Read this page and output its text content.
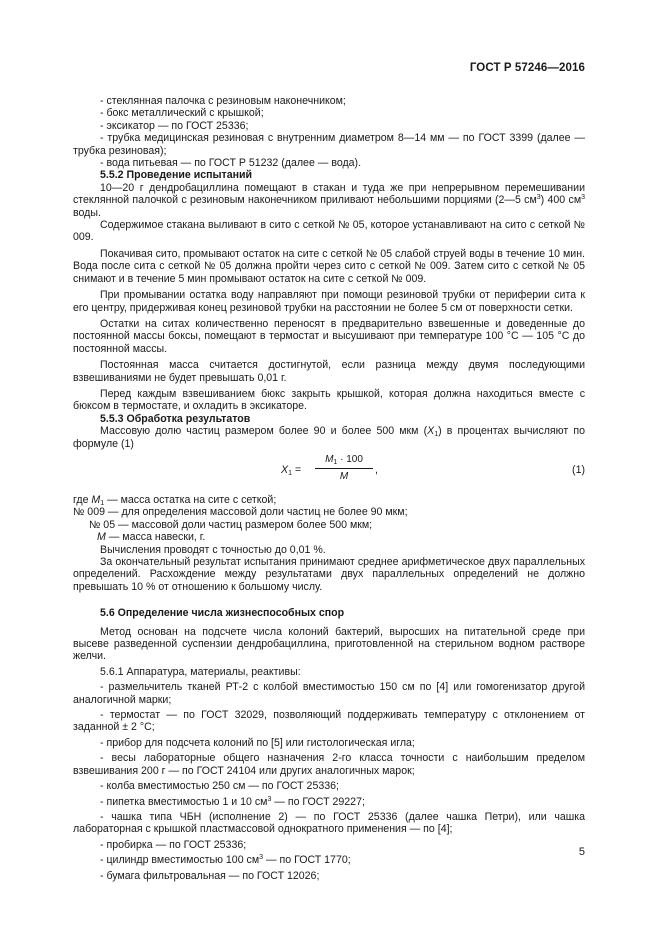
ГОСТ Р 57246—2016

- стеклянная палочка с резиновым наконечником;

- бокс металлический с крышкой;

- эксикатор — по ГОСТ 25336;

- трубка медицинская резиновая с внутренним диаметром 8—14 мм — по ГОСТ 3399 (далее — трубка резиновая);

- вода питьевая — по ГОСТ Р 51232 (далее — вода).

5.5.2 Проведение испытаний

10—20 г дендробациллина помещают в стакан и туда же при непрерывном перемешивании стеклянной палочкой с резиновым наконечником приливают небольшими порциями (2—5 $см^3$) 400 $см^3$ воды.

Содержимое стакана выливают в сито с сеткой № 05, которое устанавливают на сито с сеткой № 009.

Покачивая сито, промывают остаток на сите с сеткой № 05 слабой струей воды в течение 10 мин. Вода после сита с сеткой № 05 должна пройти через сито с сеткой № 009. Затем сито с сеткой № 05 снимают и в течение 5 мин промывают остаток на сите с сеткой № 009.

При промывании остатка воду направляют при помощи резиновой трубки от периферии сита к его центру, придерживая конец резиновой трубки на расстоянии не более 5 см от поверхности сетки.

Остатки на ситах количественно переносят в предварительно взвешенные и доведенные до постоянной массы боксы, помещают в термостат и высушивают при температуре 100 °С — 105 °С до постоянной массы.

Постоянная масса считается достигнутой, если разница между двумя последующими взвешиваниями не будет превышать 0,01 г.

Перед каждым взвешиванием бюкс закрыть крышкой, которая должна находиться вместе с бюксом в термостате, и охладить в эксикаторе.

5.5.3 Обработка результатов

Массовую долю частиц размером более 90 и более 500 мкм $(X_1)$ в процентах вычисляют по формуле (1)

$X_1 = \frac{M_1 \cdot 100}{M}$ ,	(1)

где $M_1$ — масса остатка на сите с сеткой;

№ 009 — для определения массовой доли частиц не более 90 мкм;

№ 05 — массовой доли частиц размером более 500 мкм;

M — масса навески, г.

Вычисления проводят с точностью до 0,01 %.

За окончательный результат испытания принимают среднее арифметическое двух параллельных определений. Расхождение между результатами двух параллельных определений не должно превышать 10 % от отношению к большому числу.

5.6 Определение числа жизнеспособных спор

Метод основан на подсчете числа колоний бактерий, выросших на питательной среде при высеве разведенной суспензии дендробациллина, приготовленной на стерильном водном растворе желчи.

5.6.1 Аппаратура, материалы, реактивы:

- размельчитель тканей РТ-2 с колбой вместимостью 150 см по [4] или гомогенизатор другой аналогичной марки;

- термостат — по ГОСТ 32029, позволяющий поддерживать температуру с отклонением от заданной ± 2 °С;

- прибор для подсчета колоний по [5] или гистологическая игла;

- весы лабораторные общего назначения 2-го класса точности с наибольшим пределом взвешивания 200 г — по ГОСТ 24104 или других аналогичных марок;

- колба вместимостью 250 см — по ГОСТ 25336;

- пипетка вместимостью 1 и 10 $см^3$ — по ГОСТ 29227;

- чашка типа ЧБН (исполнение 2) — по ГОСТ 25336 (далее чашка Петри), или чашка лабораторная с крышкой пластмассовой однократного применения — по [4];

- пробирка — по ГОСТ 25336;

- цилиндр вместимостью 100 $см^3$ — по ГОСТ 1770;

- бумага фильтровальная — по ГОСТ 12026;

5
